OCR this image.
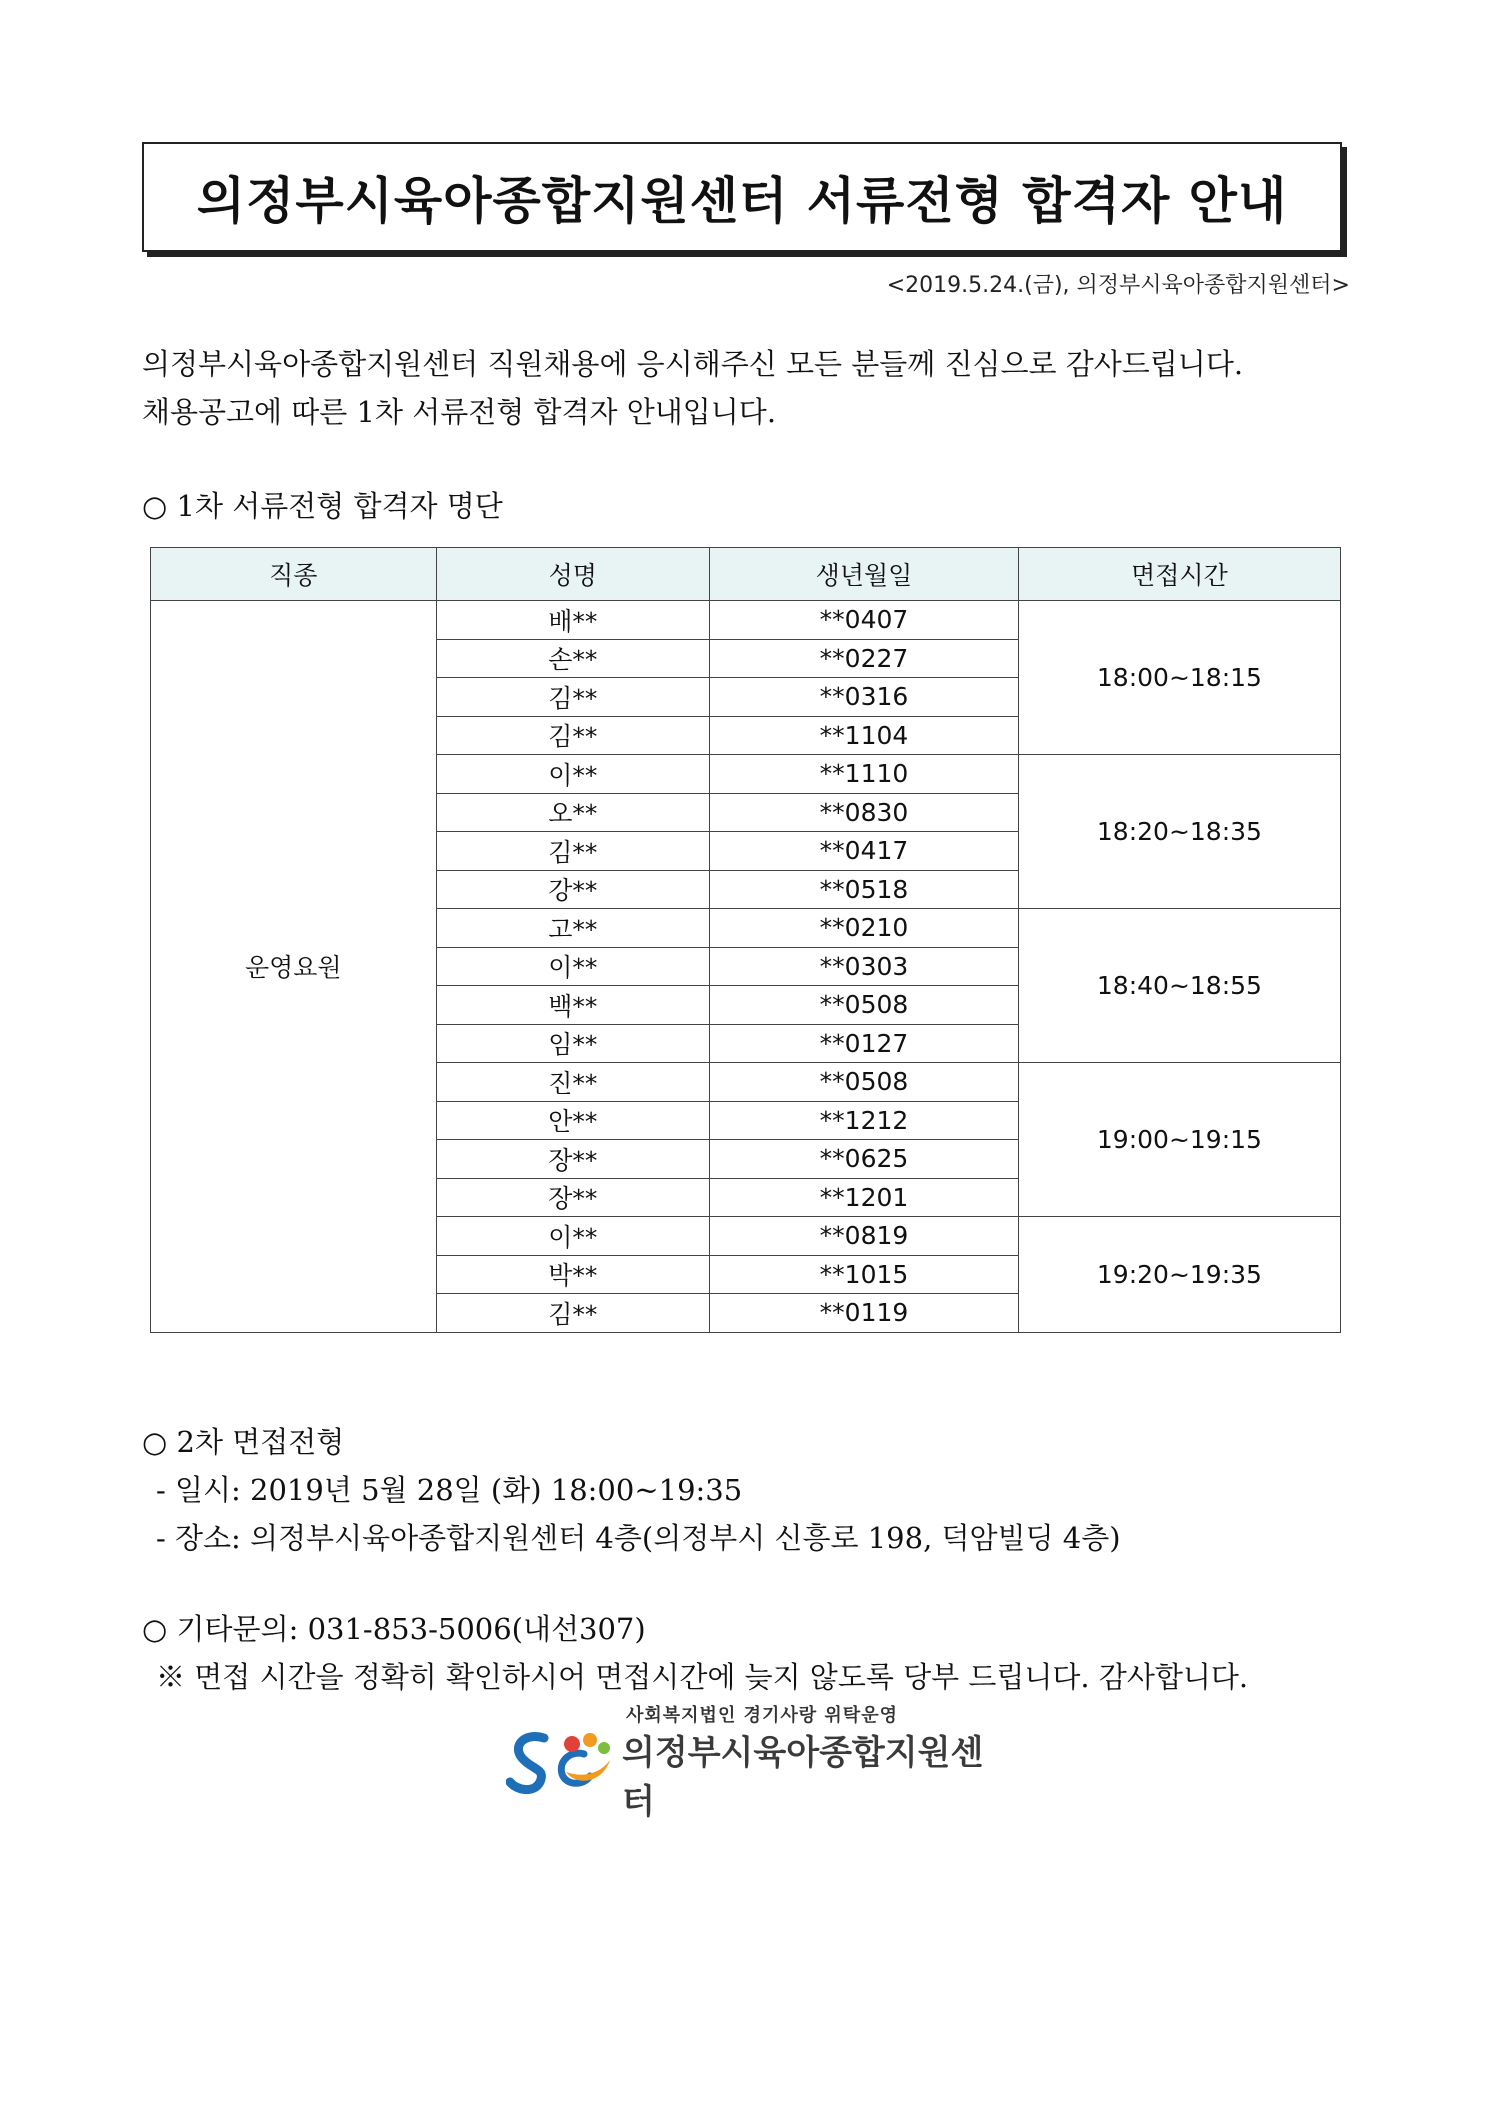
의정부시육아종합지원센터 서류전형 합격자 안내
<2019.5.24.(금), 의정부시육아종합지원센터>
의정부시육아종합지원센터 직원채용에 응시해주신 모든 분들께 진심으로 감사드립니다.
채용공고에 따른 1차 서류전형 합격자 안내입니다.
○ 1차 서류전형 합격자 명단
직종	성명	생년월일	면접시간
운영요원	배**	**0407	18:00~18:15
	손**	**0227	
	김**	**0316	
	김**	**1104	
	이**	**1110	18:20~18:35
	오**	**0830	
	김**	**0417	
	강**	**0518	
	고**	**0210	18:40~18:55
	이**	**0303	
	백**	**0508	
	임**	**0127	
	진**	**0508	19:00~19:15
	안**	**1212	
	장**	**0625	
	장**	**1201	
	이**	**0819	19:20~19:35
	박**	**1015	
	김**	**0119	
○ 2차 면접전형
- 일시: 2019년 5월 28일 (화) 18:00~19:35
- 장소: 의정부시육아종합지원센터 4층(의정부시 신흥로 198, 덕암빌딩 4층)
○ 기타문의: 031-853-5006(내선307)
※ 면접 시간을 정확히 확인하시어 면접시간에 늦지 않도록 당부 드립니다. 감사합니다.
사회복지법인 경기사랑 위탁운영
의정부시육아종합지원센터
